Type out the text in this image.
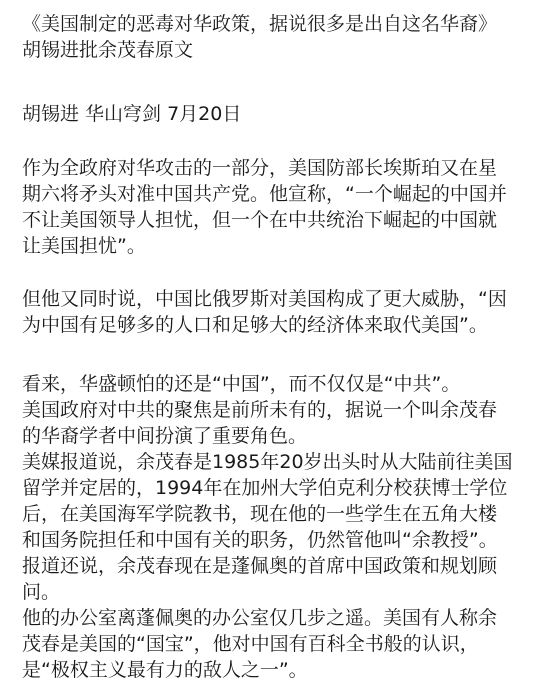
《美国制定的恶毒对华政策，据说很多是出自这名华裔》
胡锡进批余茂春原文
胡锡进 华山穹剑 7月20日
作为全政府对华攻击的一部分，美国防部长埃斯珀又在星
期六将矛头对准中国共产党。他宣称，“一个崛起的中国并
不让美国领导人担忧，但一个在中共统治下崛起的中国就
让美国担忧”。
但他又同时说，中国比俄罗斯对美国构成了更大威胁，“因
为中国有足够多的人口和足够大的经济体来取代美国”。
看来，华盛顿怕的还是“中国”，而不仅仅是“中共”。
美国政府对中共的聚焦是前所未有的，据说一个叫余茂春
的华裔学者中间扮演了重要角色。
美媒报道说，余茂春是1985年20岁出头时从大陆前往美国
留学并定居的，1994年在加州大学伯克利分校获博士学位
后，在美国海军学院教书，现在他的一些学生在五角大楼
和国务院担任和中国有关的职务，仍然管他叫“余教授”。
报道还说，余茂春现在是蓬佩奥的首席中国政策和规划顾
问。
他的办公室离蓬佩奥的办公室仅几步之遥。美国有人称余
茂春是美国的“国宝”，他对中国有百科全书般的认识，
是“极权主义最有力的敌人之一”。
